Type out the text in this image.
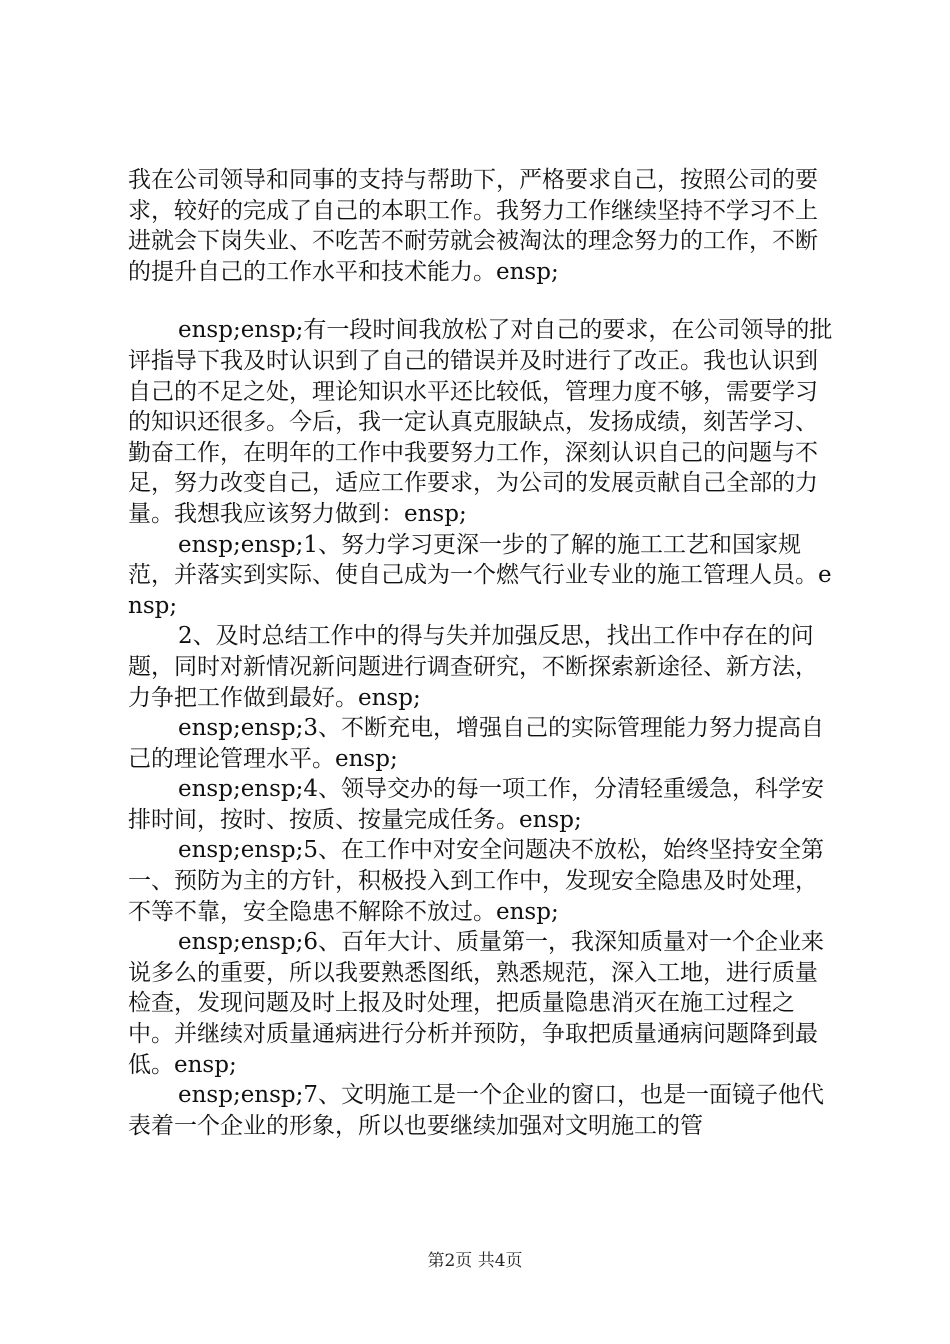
我在公司领导和同事的支持与帮助下，严格要求自己，按照公司的要求，较好的完成了自己的本职工作。我努力工作继续坚持不学习不上进就会下岗失业、不吃苦不耐劳就会被淘汰的理念努力的工作，不断的提升自己的工作水平和技术能力。ensp;

ensp;ensp;有一段时间我放松了对自己的要求，在公司领导的批评指导下我及时认识到了自己的错误并及时进行了改正。我也认识到自己的不足之处，理论知识水平还比较低，管理力度不够，需要学习的知识还很多。今后，我一定认真克服缺点，发扬成绩，刻苦学习、勤奋工作，在明年的工作中我要努力工作，深刻认识自己的问题与不足，努力改变自己，适应工作要求，为公司的发展贡献自己全部的力量。我想我应该努力做到：ensp;

ensp;ensp;1、努力学习更深一步的了解的施工工艺和国家规范，并落实到实际、使自己成为一个燃气行业专业的施工管理人员。ensp;

2、及时总结工作中的得与失并加强反思，找出工作中存在的问题，同时对新情况新问题进行调查研究，不断探索新途径、新方法，力争把工作做到最好。ensp;

ensp;ensp;3、不断充电，增强自己的实际管理能力努力提高自己的理论管理水平。ensp;

ensp;ensp;4、领导交办的每一项工作，分清轻重缓急，科学安排时间，按时、按质、按量完成任务。ensp;

ensp;ensp;5、在工作中对安全问题决不放松，始终坚持安全第一、预防为主的方针，积极投入到工作中，发现安全隐患及时处理，不等不靠，安全隐患不解除不放过。ensp;

ensp;ensp;6、百年大计、质量第一，我深知质量对一个企业来说多么的重要，所以我要熟悉图纸，熟悉规范，深入工地，进行质量检查，发现问题及时上报及时处理，把质量隐患消灭在施工过程之中。并继续对质量通病进行分析并预防，争取把质量通病问题降到最低。ensp;

ensp;ensp;7、文明施工是一个企业的窗口，也是一面镜子他代表着一个企业的形象，所以也要继续加强对文明施工的管

第2页 共4页
